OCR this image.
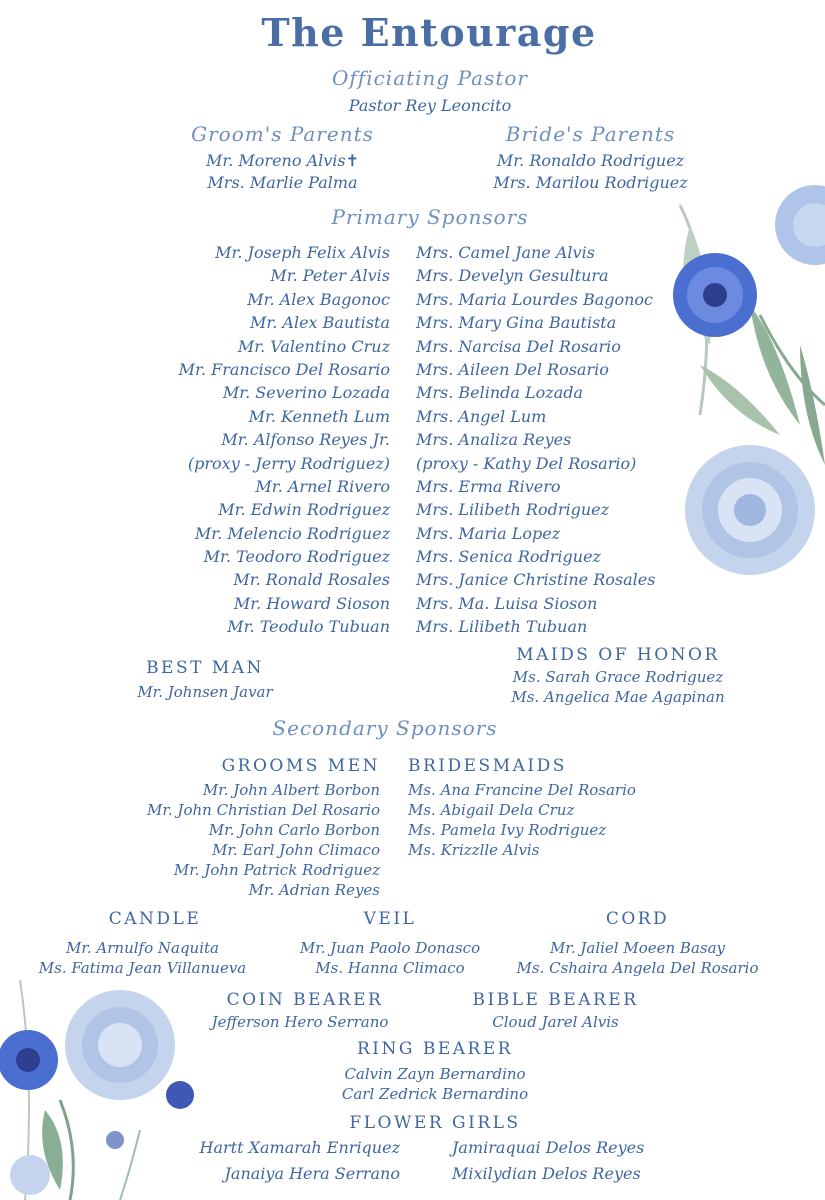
The Entourage
Officiating Pastor
Pastor Rey Leoncito
Groom's Parents
Mr. Moreno Alvis✝
Mrs. Marlie Palma
Bride's Parents
Mr. Ronaldo Rodriguez
Mrs. Marilou Rodriguez
Primary Sponsors
Mr. Joseph Felix Alvis
Mr. Peter Alvis
Mr. Alex Bagonoc
Mr. Alex Bautista
Mr. Valentino Cruz
Mr. Francisco Del Rosario
Mr. Severino Lozada
Mr. Kenneth Lum
Mr. Alfonso Reyes Jr.
(proxy - Jerry Rodriguez)
Mr. Arnel Rivero
Mr. Edwin Rodriguez
Mr. Melencio Rodriguez
Mr. Teodoro Rodriguez
Mr. Ronald Rosales
Mr. Howard Sioson
Mr. Teodulo Tubuan
Mrs. Camel Jane Alvis
Mrs. Develyn Gesultura
Mrs. Maria Lourdes Bagonoc
Mrs. Mary Gina Bautista
Mrs. Narcisa Del Rosario
Mrs. Aileen Del Rosario
Mrs. Belinda Lozada
Mrs. Angel Lum
Mrs. Analiza Reyes
(proxy - Kathy Del Rosario)
Mrs. Erma Rivero
Mrs. Lilibeth Rodriguez
Mrs. Maria Lopez
Mrs. Senica Rodriguez
Mrs. Janice Christine Rosales
Mrs. Ma. Luisa Sioson
Mrs. Lilibeth Tubuan
BEST MAN
Mr. Johnsen Javar
MAIDS OF HONOR
Ms. Sarah Grace Rodriguez
Ms. Angelica Mae Agapinan
Secondary Sponsors
GROOMS MEN
Mr. John Albert Borbon
Mr. John Christian Del Rosario
Mr. John Carlo Borbon
Mr. Earl John Climaco
Mr. John Patrick Rodriguez
Mr. Adrian Reyes
BRIDESMAIDS
Ms. Ana Francine Del Rosario
Ms. Abigail Dela Cruz
Ms. Pamela Ivy Rodriguez
Ms. Krizzlle Alvis
CANDLE
Mr. Arnulfo Naquita
Ms. Fatima Jean Villanueva
VEIL
Mr. Juan Paolo Donasco
Ms. Hanna Climaco
CORD
Mr. Jaliel Moeen Basay
Ms. Cshaira Angela Del Rosario
COIN BEARER
Jefferson Hero Serrano
BIBLE BEARER
Cloud Jarel Alvis
RING BEARER
Calvin Zayn Bernardino
Carl Zedrick Bernardino
FLOWER GIRLS
Hartt Xamarah Enriquez
Janaiya Hera Serrano
Jamiraquai Delos Reyes
Mixilydian Delos Reyes
